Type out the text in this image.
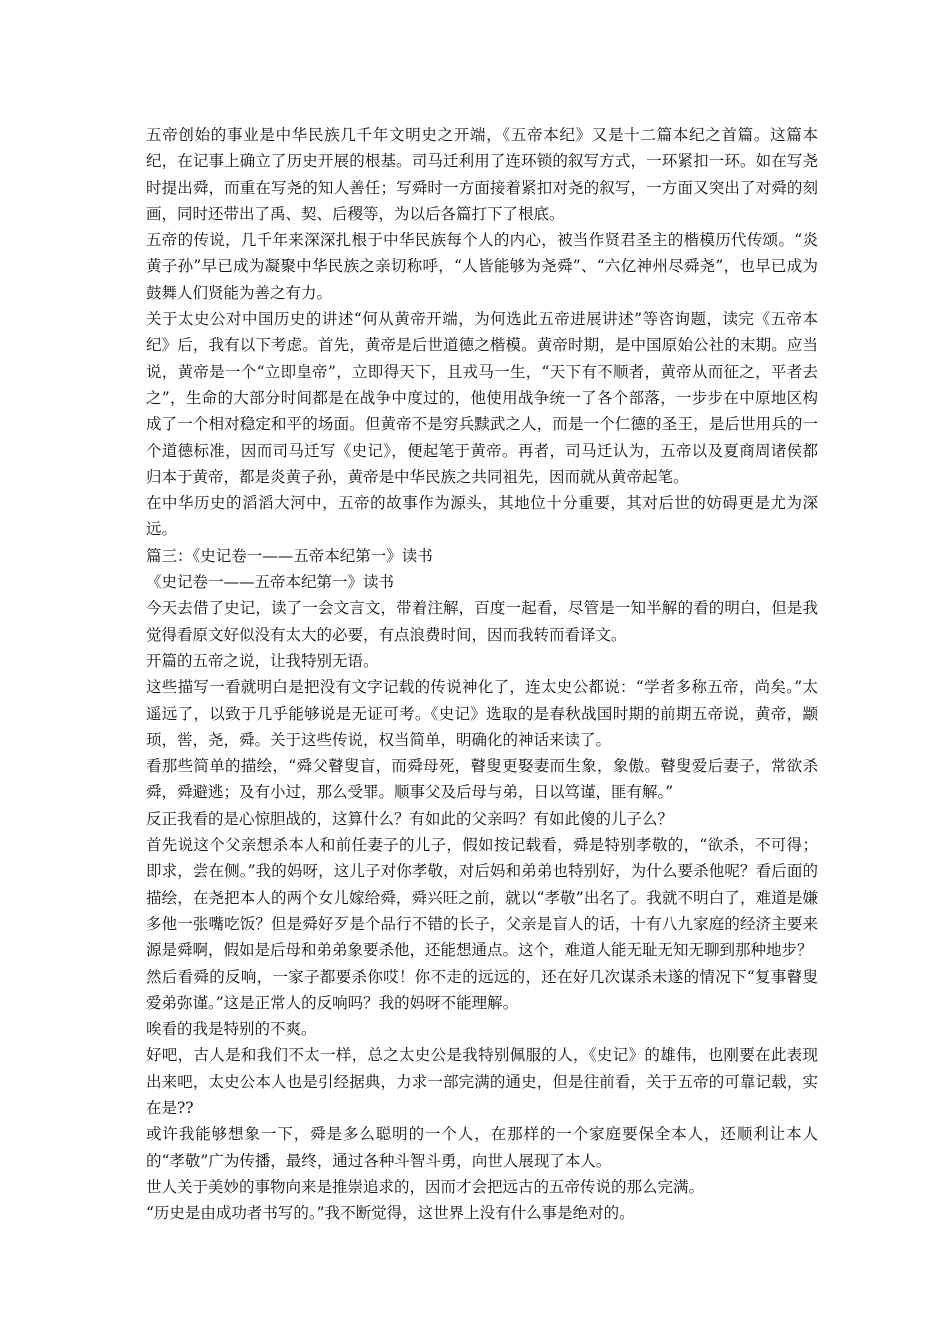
五帝创始的事业是中华民族几千年文明史之开端，《五帝本纪》又是十二篇本纪之首篇。这篇本纪，在记事上确立了历史开展的根基。司马迁利用了连环锁的叙写方式，一环紧扣一环。如在写尧时提出舜，而重在写尧的知人善任；写舜时一方面接着紧扣对尧的叙写，一方面又突出了对舜的刻画，同时还带出了禹、契、后稷等，为以后各篇打下了根底。

五帝的传说，几千年来深深扎根于中华民族每个人的内心，被当作贤君圣主的楷模历代传颂。“炎黄子孙”早已成为凝聚中华民族之亲切称呼，“人皆能够为尧舜”、“六亿神州尽舜尧”，也早已成为鼓舞人们贤能为善之有力。

关于太史公对中国历史的讲述“何从黄帝开端，为何选此五帝进展讲述”等咨询题，读完《五帝本纪》后，我有以下考虑。首先，黄帝是后世道德之楷模。黄帝时期，是中国原始公社的末期。应当说，黄帝是一个“立即皇帝”，立即得天下，且戎马一生，“天下有不顺者，黄帝从而征之，平者去之”，生命的大部分时间都是在战争中度过的，他使用战争统一了各个部落，一步步在中原地区构成了一个相对稳定和平的场面。但黄帝不是穷兵黩武之人，而是一个仁德的圣王，是后世用兵的一个道德标准，因而司马迁写《史记》，便起笔于黄帝。再者，司马迁认为，五帝以及夏商周诸侯都归本于黄帝，都是炎黄子孙，黄帝是中华民族之共同祖先，因而就从黄帝起笔。

在中华历史的滔滔大河中，五帝的故事作为源头，其地位十分重要，其对后世的妨碍更是尤为深远。

篇三：《史记卷一——五帝本纪第一》读书

《史记卷一——五帝本纪第一》读书

今天去借了史记，读了一会文言文，带着注解，百度一起看，尽管是一知半解的看的明白，但是我觉得看原文好似没有太大的必要，有点浪费时间，因而我转而看译文。

开篇的五帝之说，让我特别无语。

这些描写一看就明白是把没有文字记载的传说神化了，连太史公都说：“学者多称五帝，尚矣。”太遥远了，以致于几乎能够说是无证可考。《史记》选取的是春秋战国时期的前期五帝说，黄帝，颛顼，喾，尧，舜。关于这些传说，权当简单，明确化的神话来读了。

看那些简单的描绘，“舜父瞽叟盲，而舜母死，瞽叟更娶妻而生象，象傲。瞽叟爱后妻子，常欲杀舜，舜避逃；及有小过，那么受罪。顺事父及后母与弟，日以笃谨，匪有解。”

反正我看的是心惊胆战的，这算什么？有如此的父亲吗？有如此傻的儿子么？

首先说这个父亲想杀本人和前任妻子的儿子，假如按记载看，舜是特别孝敬的，“欲杀，不可得；即求，尝在侧。”我的妈呀，这儿子对你孝敬，对后妈和弟弟也特别好，为什么要杀他呢？看后面的描绘，在尧把本人的两个女儿嫁给舜，舜兴旺之前，就以“孝敬”出名了。我就不明白了，难道是嫌多他一张嘴吃饭？但是舜好歹是个品行不错的长子，父亲是盲人的话，十有八九家庭的经济主要来源是舜啊，假如是后母和弟弟象要杀他，还能想通点。这个，难道人能无耻无知无聊到那种地步？

然后看舜的反响，一家子都要杀你哎！你不走的远远的，还在好几次谋杀未遂的情况下“复事瞽叟爱弟弥谨。”这是正常人的反响吗？我的妈呀不能理解。

唉看的我是特别的不爽。

好吧，古人是和我们不太一样，总之太史公是我特别佩服的人，《史记》的雄伟，也刚要在此表现出来吧，太史公本人也是引经据典，力求一部完满的通史，但是往前看，关于五帝的可靠记载，实在是??

或许我能够想象一下，舜是多么聪明的一个人，在那样的一个家庭要保全本人，还顺利让本人的“孝敬”广为传播，最终，通过各种斗智斗勇，向世人展现了本人。

世人关于美妙的事物向来是推崇追求的，因而才会把远古的五帝传说的那么完满。

“历史是由成功者书写的。”我不断觉得，这世界上没有什么事是绝对的。
